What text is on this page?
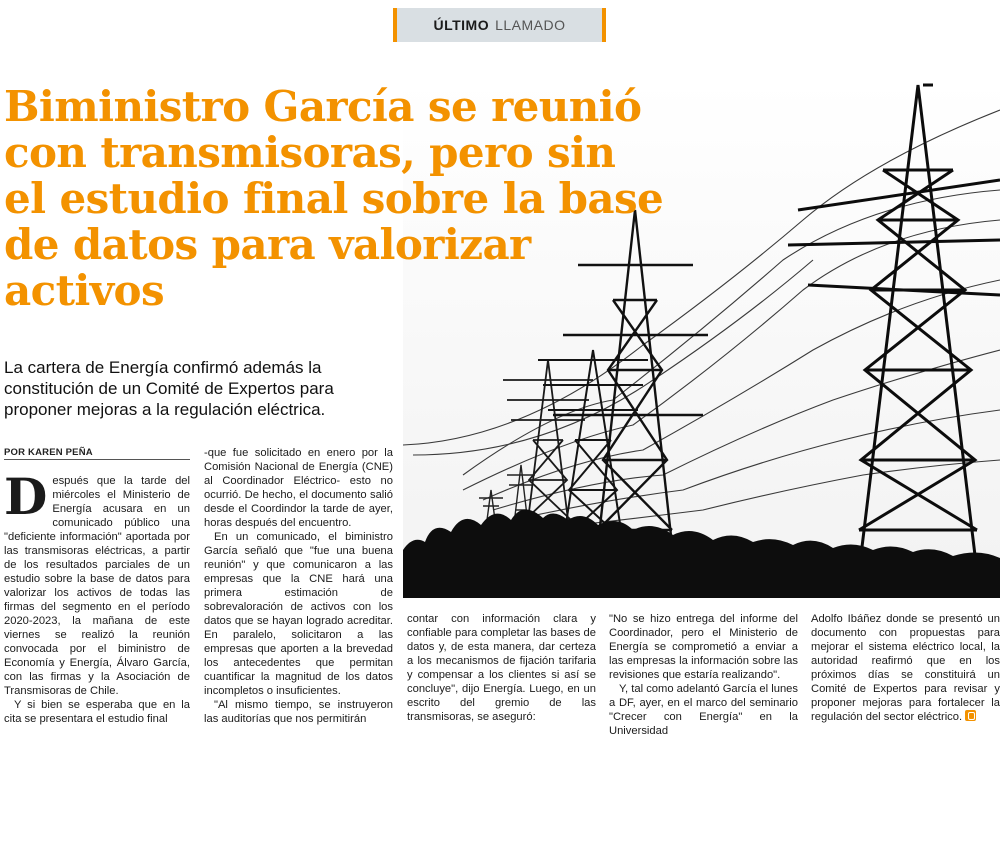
ÚLTIMO LLAMADO
Biministro García se reunió
con transmisoras, pero sin
el estudio final sobre la base
de datos para valorizar
activos

La cartera de Energía confirmó además la constitución de un Comité de Expertos para proponer mejoras a la regulación eléctrica.

POR KAREN PEÑA
D espués que la tarde del miércoles el Ministerio de Energía acusara en un comunicado público una "deficiente información" aportada por las transmisoras eléctricas, a partir de los resultados parciales de un estudio sobre la base de datos para valorizar los activos de todas las firmas del segmento en el período 2020-2023, la mañana de este viernes se realizó la reunión convocada por el biministro de Economía y Energía, Álvaro García, con las firmas y la Asociación de Transmisoras de Chile.

Y si bien se esperaba que en la cita se presentara el estudio final

-que fue solicitado en enero por la Comisión Nacional de Energía (CNE) al Coordinador Eléctrico- esto no ocurrió. De hecho, el documento salió desde el Coordindor la tarde de ayer, horas después del encuentro.

En un comunicado, el biministro García señaló que "fue una buena reunión" y que comunicaron a las empresas que la CNE hará una primera estimación de sobrevaloración de activos con los datos que se hayan logrado acreditar. En paralelo, solicitaron a las empresas que aporten a la brevedad los antecedentes que permitan cuantificar la magnitud de los datos incompletos o insuficientes.

"Al mismo tiempo, se instruyeron las auditorías que nos permitirán

contar con información clara y confiable para completar las bases de datos y, de esta manera, dar certeza a los mecanismos de fijación tarifaria y compensar a los clientes si así se concluye", dijo Energía. Luego, en un escrito del gremio de las transmisoras, se aseguró:

"No se hizo entrega del informe del Coordinador, pero el Ministerio de Energía se comprometió a enviar a las empresas la información sobre las revisiones que estaría realizando".

Y, tal como adelantó García el lunes a DF, ayer, en el marco del seminario "Crecer con Energía" en la Universidad

Adolfo Ibáñez donde se presentó un documento con propuestas para mejorar el sistema eléctrico local, la autoridad reafirmó que en los próximos días se constituirá un Comité de Expertos para revisar y proponer mejoras para fortalecer la regulación del sector eléctrico.
